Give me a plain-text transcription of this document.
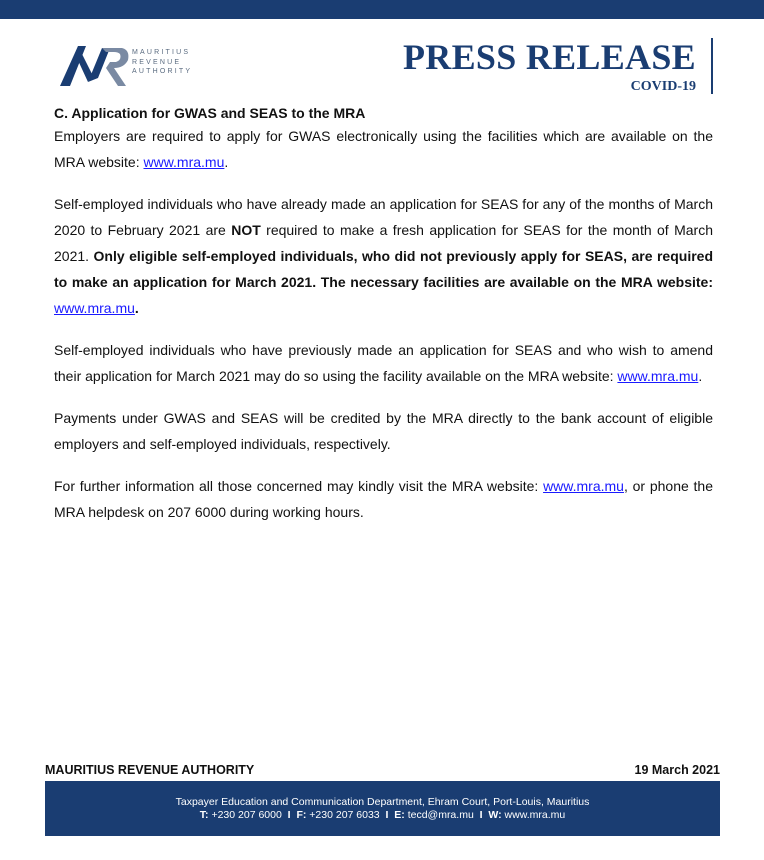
MAURITIUS
REVENUE
AUTHORITY	PRESS RELEASE
COVID-19
C. Application for GWAS and SEAS to the MRA

Employers are required to apply for GWAS electronically using the facilities which are available on the MRA website: www.mra.mu.

Self-employed individuals who have already made an application for SEAS for any of the months of March 2020 to February 2021 are NOT required to make a fresh application for SEAS for the month of March 2021. Only eligible self-employed individuals, who did not previously apply for SEAS, are required to make an application for March 2021. The necessary facilities are available on the MRA website: www.mra.mu.

Self-employed individuals who have previously made an application for SEAS and who wish to amend their application for March 2021 may do so using the facility available on the MRA website: www.mra.mu.

Payments under GWAS and SEAS will be credited by the MRA directly to the bank account of eligible employers and self-employed individuals, respectively.

For further information all those concerned may kindly visit the MRA website: www.mra.mu, or phone the MRA helpdesk on 207 6000 during working hours.

MAURITIUS REVENUE AUTHORITY	19 March 2021
Taxpayer Education and Communication Department, Ehram Court, Port-Louis, Mauritius
T: +230 207 6000 I F: +230 207 6033 I E: tecd@mra.mu I W: www.mra.mu
